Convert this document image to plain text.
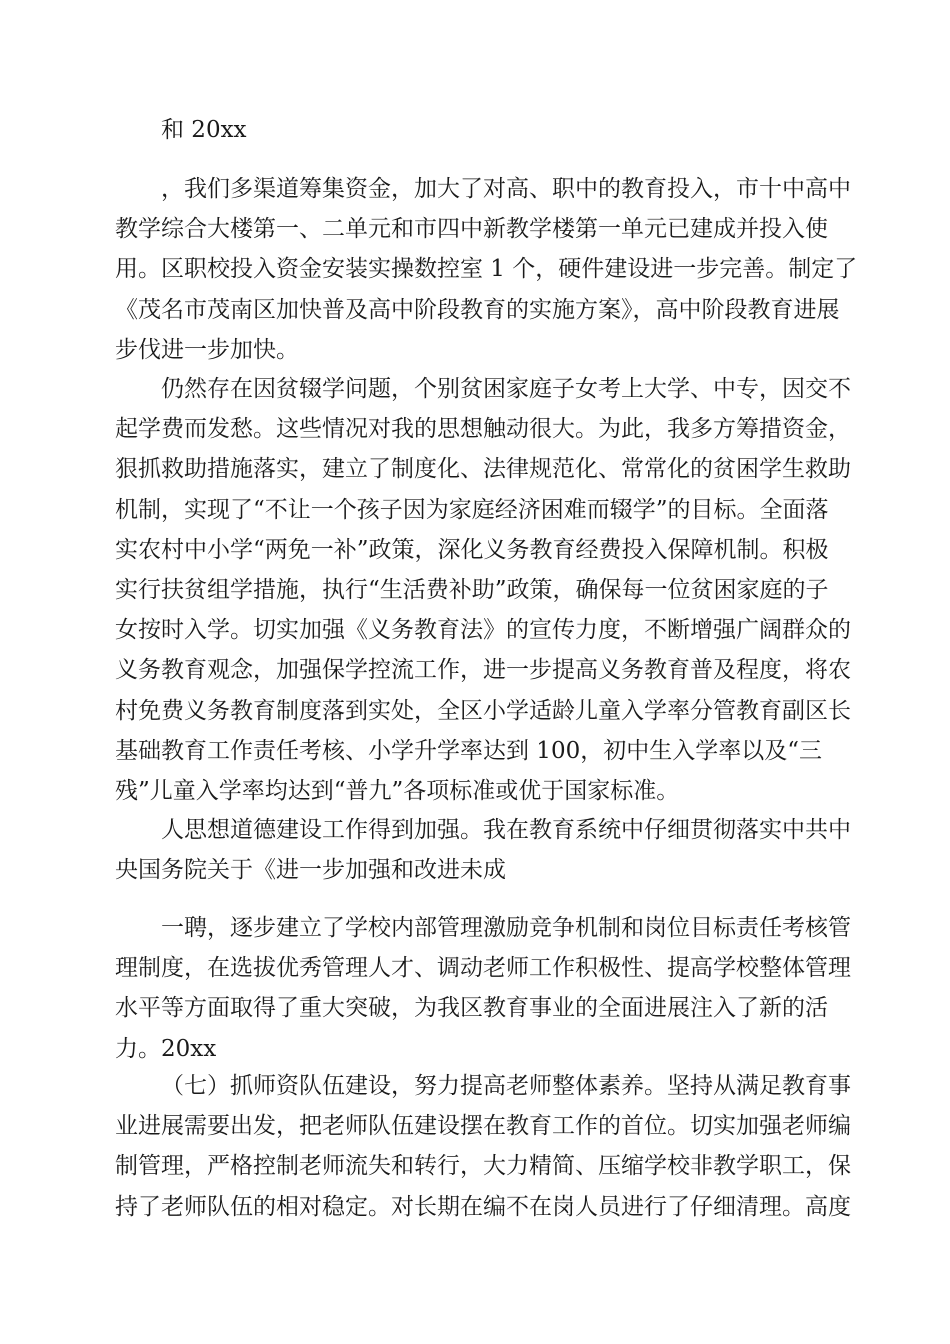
和 20xx
，我们多渠道筹集资金，加大了对高、职中的教育投入，市十中高中
教学综合大楼第一、二单元和市四中新教学楼第一单元已建成并投入使
用。区职校投入资金安装实操数控室 1 个，硬件建设进一步完善。制定了
《茂名市茂南区加快普及高中阶段教育的实施方案》，高中阶段教育进展
步伐进一步加快。
仍然存在因贫辍学问题，个别贫困家庭子女考上大学、中专，因交不
起学费而发愁。这些情况对我的思想触动很大。为此，我多方筹措资金，
狠抓救助措施落实，建立了制度化、法律规范化、常常化的贫困学生救助
机制，实现了“不让一个孩子因为家庭经济困难而辍学”的目标。全面落
实农村中小学“两免一补”政策，深化义务教育经费投入保障机制。积极
实行扶贫组学措施，执行“生活费补助”政策，确保每一位贫困家庭的子
女按时入学。切实加强《义务教育法》的宣传力度，不断增强广阔群众的
义务教育观念，加强保学控流工作，进一步提高义务教育普及程度，将农
村免费义务教育制度落到实处，全区小学适龄儿童入学率分管教育副区长
基础教育工作责任考核、小学升学率达到 100，初中生入学率以及“三
残”儿童入学率均达到“普九”各项标准或优于国家标准。
人思想道德建设工作得到加强。我在教育系统中仔细贯彻落实中共中
央国务院关于《进一步加强和改进未成
一聘，逐步建立了学校内部管理激励竞争机制和岗位目标责任考核管
理制度，在选拔优秀管理人才、调动老师工作积极性、提高学校整体管理
水平等方面取得了重大突破，为我区教育事业的全面进展注入了新的活
力。20xx
（七）抓师资队伍建设，努力提高老师整体素养。坚持从满足教育事
业进展需要出发，把老师队伍建设摆在教育工作的首位。切实加强老师编
制管理，严格控制老师流失和转行，大力精简、压缩学校非教学职工，保
持了老师队伍的相对稳定。对长期在编不在岗人员进行了仔细清理。高度
